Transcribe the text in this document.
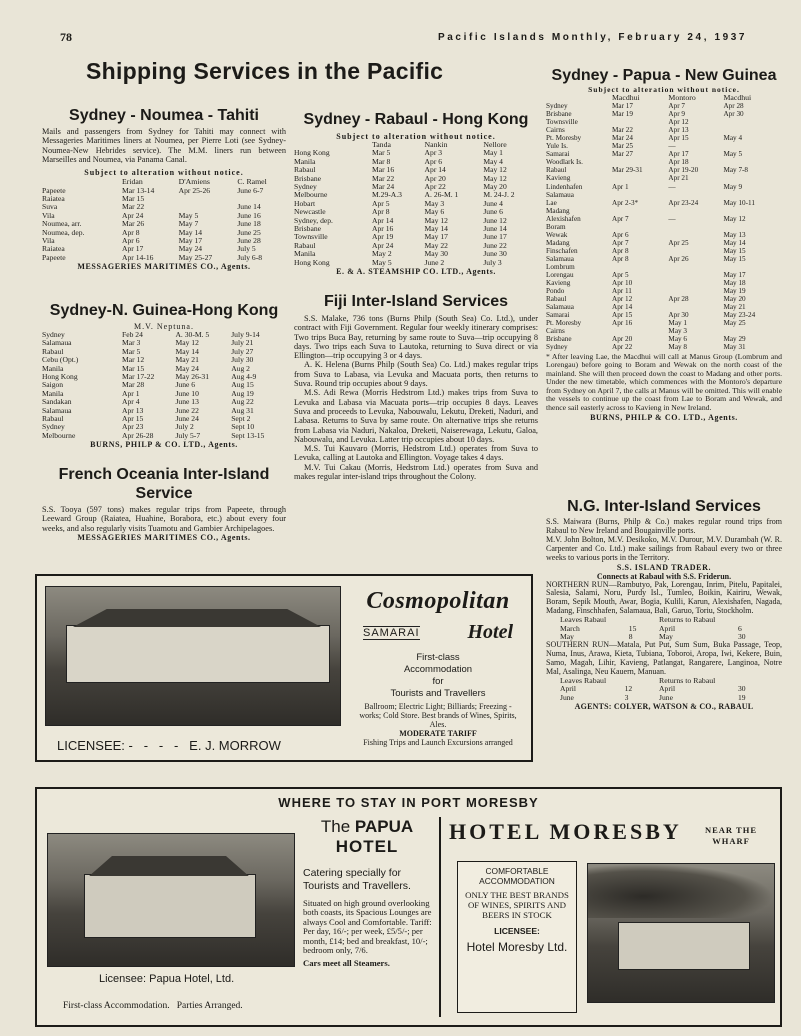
78	Pacific Islands Monthly, February 24, 1937
Shipping Services in the Pacific
Sydney - Noumea - Tahiti
Mails and passengers from Sydney for Tahiti may connect with Messageries Maritimes liners at Noumea, per Pierre Loti (see Sydney-Noumea-New Hebrides service). The M.M. liners run between Marseilles and Noumea, via Panama Canal.
Subject to alteration without notice.
	Eridan	D'Amiens	C. Ramel
Papeete	Mar 13-14	Apr 25-26	June 6-7
Raiatea	Mar 15		
Suva	Mar 22		June 14
Vila	Apr 24	May 5	June 16
Noumea, arr.	Mar 26	May 7	June 18
Noumea, dep.	Apr 8	May 14	June 25
Vila	Apr 6	May 17	June 28
Raiatea	Apr 17	May 24	July 5
Papeete	Apr 14-16	May 25-27	July 6-8
MESSAGERIES MARITIMES CO., Agents.
Sydney-N. Guinea-Hong Kong
M.V. Neptuna.
Sydney	Feb 24	A. 30-M. 5	July 9-14
Salamaua	Mar 3	May 12	July 21
Rabaul	Mar 5	May 14	July 27
Cebu (Opt.)	Mar 12	May 21	July 30
Manila	Mar 15	May 24	Aug 2
Hong Kong	Mar 17-22	May 26-31	Aug 4-9
Saigon	Mar 28	June 6	Aug 15
Manila	Apr 1	June 10	Aug 19
Sandakan	Apr 4	June 13	Aug 22
Salamaua	Apr 13	June 22	Aug 31
Rabaul	Apr 15	June 24	Sept 2
Sydney	Apr 23	July 2	Sept 10
Melbourne	Apr 26-28	July 5-7	Sept 13-15
BURNS, PHILP & CO. LTD., Agents.
French Oceania Inter-Island Service
S.S. Tooya (597 tons) makes regular trips from Papeete, through Leeward Group (Raiatea, Huahine, Borabora, etc.) about every four weeks, and also regularly visits Tuamotu and Gambier Archipelagoes.
MESSAGERIES MARITIMES CO., Agents.
Sydney - Rabaul - Hong Kong
Subject to alteration without notice.
	Tanda	Nankin	Nellore
Hong Kong	Mar 5	Apr 3	May 1
Manila	Mar 8	Apr 6	May 4
Rabaul	Mar 16	Apr 14	May 12
Brisbane	Mar 22	Apr 20	May 12
Sydney	Mar 24	Apr 22	May 20
Melbourne	M.29-A.3	A. 26-M. 1	M. 24-J. 2
Hobart	Apr 5	May 3	June 4
Newcastle	Apr 8	May 6	June 6
Sydney, dep.	Apr 14	May 12	June 12
Brisbane	Apr 16	May 14	June 14
Townsville	Apr 19	May 17	June 17
Rabaul	Apr 24	May 22	June 22
Manila	May 2	May 30	June 30
Hong Kong	May 5	June 2	July 3
E. & A. STEAMSHIP CO. LTD., Agents.
Fiji Inter-Island Services
S.S. Malake, 736 tons (Burns Philp (South Sea) Co. Ltd.), under contract with Fiji Government. Regular four weekly itinerary comprises: Two trips Buca Bay, returning by same route to Suva—trip occupying 8 days. Two trips each Suva to Lautoka, returning to Suva direct or via Ellington—trip occupying 3 or 4 days.
A. K. Helena (Burns Philp (South Sea) Co. Ltd.) makes regular trips from Suva to Labasa, via Levuka and Macuata ports, then returns to Suva. Round trip occupies about 9 days.
M.S. Adi Rewa (Morris Hedstrom Ltd.) makes trips from Suva to Levuka and Labasa via Macuata ports—trip occupies 8 days. Leaves Suva and proceeds to Levuka, Nabouwalu, Lekutu, Dreketi, Naduri, and Labasa. Returns to Suva by same route. On alternative trips she returns from Labasa via Naduri, Nakaloa, Dreketi, Naiserewaga, Lekutu, Galoa, Nabouwalu, and Levuka. Latter trip occupies about 10 days.
M.S. Tui Kauvaro (Morris, Hedstrom Ltd.) operates from Suva to Levuka, calling at Lautoka and Ellington. Voyage takes 4 days.
M.V. Tui Cakau (Morris, Hedstrom Ltd.) operates from Suva and makes regular inter-island trips throughout the Colony.
Sydney - Papua - New Guinea
Subject to alteration without notice.
	Macdhui	Montoro	Macdhui
Sydney	Mar 17	Apr 7	Apr 28
Brisbane	Mar 19	Apr 9	Apr 30
Townsville		Apr 12	
Cairns	Mar 22	Apr 13	
Pt. Moresby	Mar 24	Apr 15	May 4
Yule Is.	Mar 25	—	
Samarai	Mar 27	Apr 17	May 5
Woodlark Is.		Apr 18	
Rabaul	Mar 29-31	Apr 19-20	May 7-8
Kavieng		Apr 21	
Lindenhafen	Apr 1	—	May 9
Salamaua			
Lae	Apr 2-3*	Apr 23-24	May 10-11
Madang			
Alexishafen	Apr 7	—	May 12
Boram			
Wewak	Apr 6		May 13
Madang	Apr 7	Apr 25	May 14
Finschafen	Apr 8		May 15
Salamaua	Apr 8	Apr 26	May 15
Lombrum			
Lorengau	Apr 5		May 17
Kavieng	Apr 10		May 18
Pondo	Apr 11		May 19
Rabaul	Apr 12	Apr 28	May 20
Salamaua	Apr 14		May 21
Samarai	Apr 15	Apr 30	May 23-24
Pt. Moresby	Apr 16	May 1	May 25
Cairns		May 3	
Brisbane	Apr 20	May 6	May 29
Sydney	Apr 22	May 8	May 31
* After leaving Lae, the Macdhui will call at Manus Group (Lombrum and Lorengau) before going to Boram and Wewak on the north coast of the mainland. She will then proceed down the coast to Madang and other ports. Under the new timetable, which commences with the Montoro's departure from Sydney on April 7, the calls at Manus will be omitted. This will enable the vessels to continue up the coast from Lae to Boram and Wewak, and thence sail easterly across to Kavieng in New Ireland.
BURNS, PHILP & CO. LTD., Agents.
N.G. Inter-Island Services
S.S. Maiwara (Burns, Philp & Co.) makes regular round trips from Rabaul to New Ireland and Bougainville ports.
M.V. John Bolton, M.V. Desikoko, M.V. Durour, M.V. Durambah (W. R. Carpenter and Co. Ltd.) make sailings from Rabaul every two or three weeks to various ports in the Territory.
S.S. ISLAND TRADER.
Connects at Rabaul with S.S. Friderun.
NORTHERN RUN—Rambutyo, Pak, Lorengau, Inrim, Pitelu, Papitalei, Salesia, Salami, Noru, Purdy Isl., Tumleo, Boikin, Kairiru, Wewak, Boram, Sepik Mouth, Awar, Bogia, Kulili, Karun, Alexishafen, Nagada, Madang, Finschhafen, Salamaua, Bali, Garuo, Toriu, Stockholm.
Leaves Rabaul		Returns to Rabaul	
March	15	April	6
May	8	May	30
SOUTHERN RUN—Matala, Put Put, Sum Sum, Buka Passage, Teop, Numa, Inus, Arawa, Kieta, Tubiana, Toboroi, Aropa, Iwi, Kekere, Buin, Samo, Magah, Lihir, Kavieng, Patlangat, Rangarere, Langinoa, Notre Mal, Asalinga, Neu Kauern, Manuan.
Leaves Rabaul		Returns to Rabaul	
April	12	April	30
June	3	June	19
AGENTS: COLYER, WATSON & CO., RABAUL
LICENSEE: -   -   -   -   E. J. MORROW
Cosmopolitan
SAMARAI Hotel
First-class
Accommodation
for
Tourists and Travellers
Ballroom; Electric Light; Billiards; Freezing - works; Cold Store. Best brands of Wines, Spirits, Ales.
MODERATE TARIFF
Fishing Trips and Launch Excursions arranged
WHERE TO STAY IN PORT MORESBY
Licensee: Papua Hotel, Ltd.
First-class Accommodation.   Parties Arranged.
The PAPUA
HOTEL
Catering specially for Tourists and Travellers.
Situated on high ground overlooking both coasts, its Spacious Lounges are always Cool and Comfortable. Tariff: Per day, 16/-; per week, £5/5/-; per month, £14; bed and breakfast, 10/-; bedroom only, 7/6.
Cars meet all Steamers.
HOTEL MORESBY	NEAR THE WHARF
COMFORTABLE ACCOMMODATION
ONLY THE BEST BRANDS OF WINES, SPIRITS AND BEERS IN STOCK
LICENSEE:
Hotel Moresby Ltd.
